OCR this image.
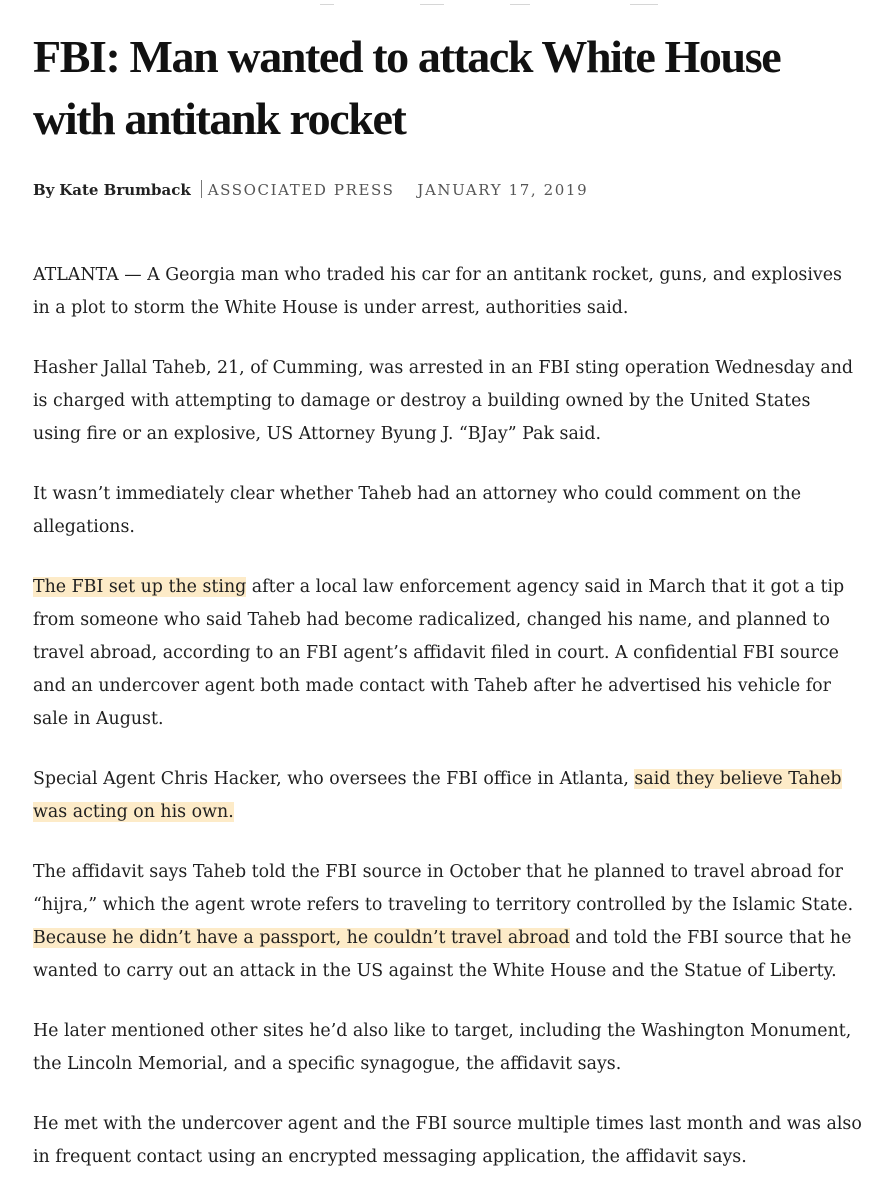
FBI: Man wanted to attack White House with antitank rocket
By Kate Brumback ASSOCIATED PRESS JANUARY 17, 2019

ATLANTA — A Georgia man who traded his car for an antitank rocket, guns, and explosives in a plot to storm the White House is under arrest, authorities said.

Hasher Jallal Taheb, 21, of Cumming, was arrested in an FBI sting operation Wednesday and is charged with attempting to damage or destroy a building owned by the United States using fire or an explosive, US Attorney Byung J. “BJay” Pak said.

It wasn’t immediately clear whether Taheb had an attorney who could comment on the allegations.

The FBI set up the sting after a local law enforcement agency said in March that it got a tip from someone who said Taheb had become radicalized, changed his name, and planned to travel abroad, according to an FBI agent’s affidavit filed in court. A confidential FBI source and an undercover agent both made contact with Taheb after he advertised his vehicle for sale in August.

Special Agent Chris Hacker, who oversees the FBI office in Atlanta, said they believe Taheb was acting on his own.

The affidavit says Taheb told the FBI source in October that he planned to travel abroad for “hijra,” which the agent wrote refers to traveling to territory controlled by the Islamic State. Because he didn’t have a passport, he couldn’t travel abroad and told the FBI source that he wanted to carry out an attack in the US against the White House and the Statue of Liberty.

He later mentioned other sites he’d also like to target, including the Washington Monument, the Lincoln Memorial, and a specific synagogue, the affidavit says.

He met with the undercover agent and the FBI source multiple times last month and was also in frequent contact using an encrypted messaging application, the affidavit says.
